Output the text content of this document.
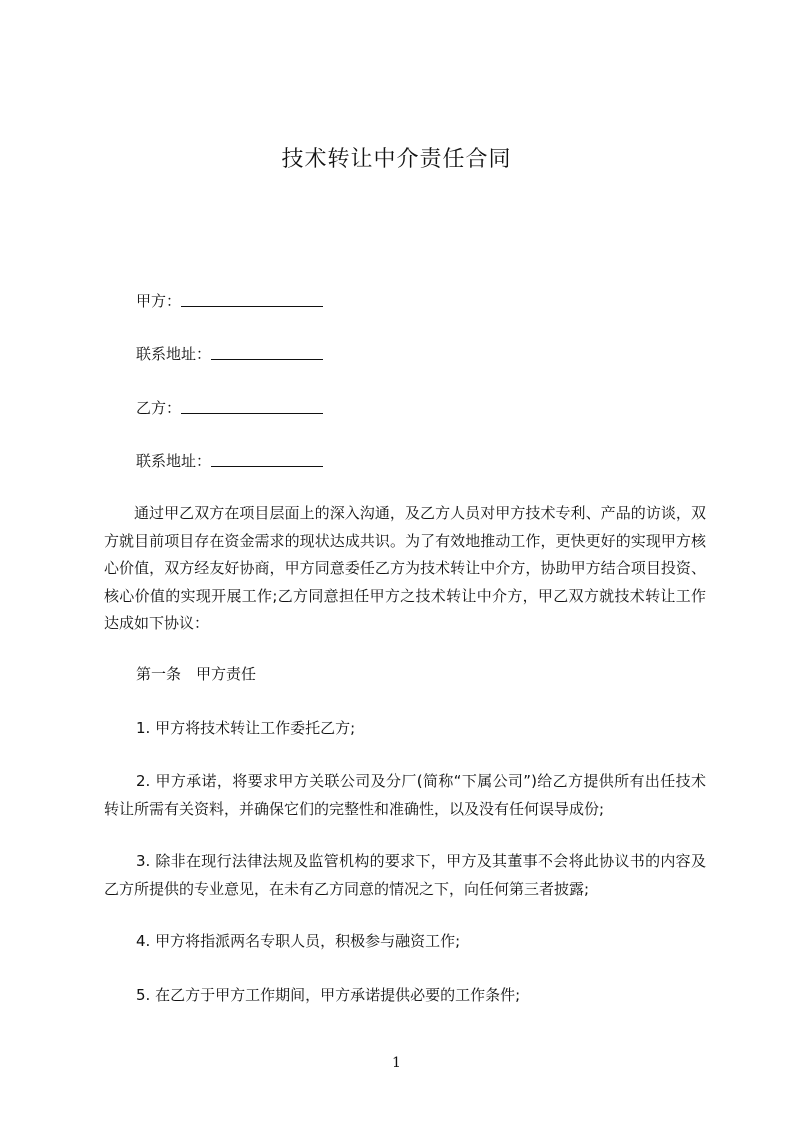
技术转让中介责任合同
甲方：
联系地址：
乙方：
联系地址：

通过甲乙双方在项目层面上的深入沟通，及乙方人员对甲方技术专利、产品的访谈，双方就目前项目存在资金需求的现状达成共识。为了有效地推动工作，更快更好的实现甲方核心价值，双方经友好协商，甲方同意委任乙方为技术转让中介方，协助甲方结合项目投资、核心价值的实现开展工作;乙方同意担任甲方之技术转让中介方，甲乙双方就技术转让工作达成如下协议：

第一条　甲方责任

1. 甲方将技术转让工作委托乙方;

2. 甲方承诺，将要求甲方关联公司及分厂(简称“下属公司”)给乙方提供所有出任技术转让所需有关资料，并确保它们的完整性和准确性，以及没有任何误导成份;

3. 除非在现行法律法规及监管机构的要求下，甲方及其董事不会将此协议书的内容及乙方所提供的专业意见，在未有乙方同意的情况之下，向任何第三者披露;

4. 甲方将指派两名专职人员，积极参与融资工作;

5. 在乙方于甲方工作期间，甲方承诺提供必要的工作条件;

1
